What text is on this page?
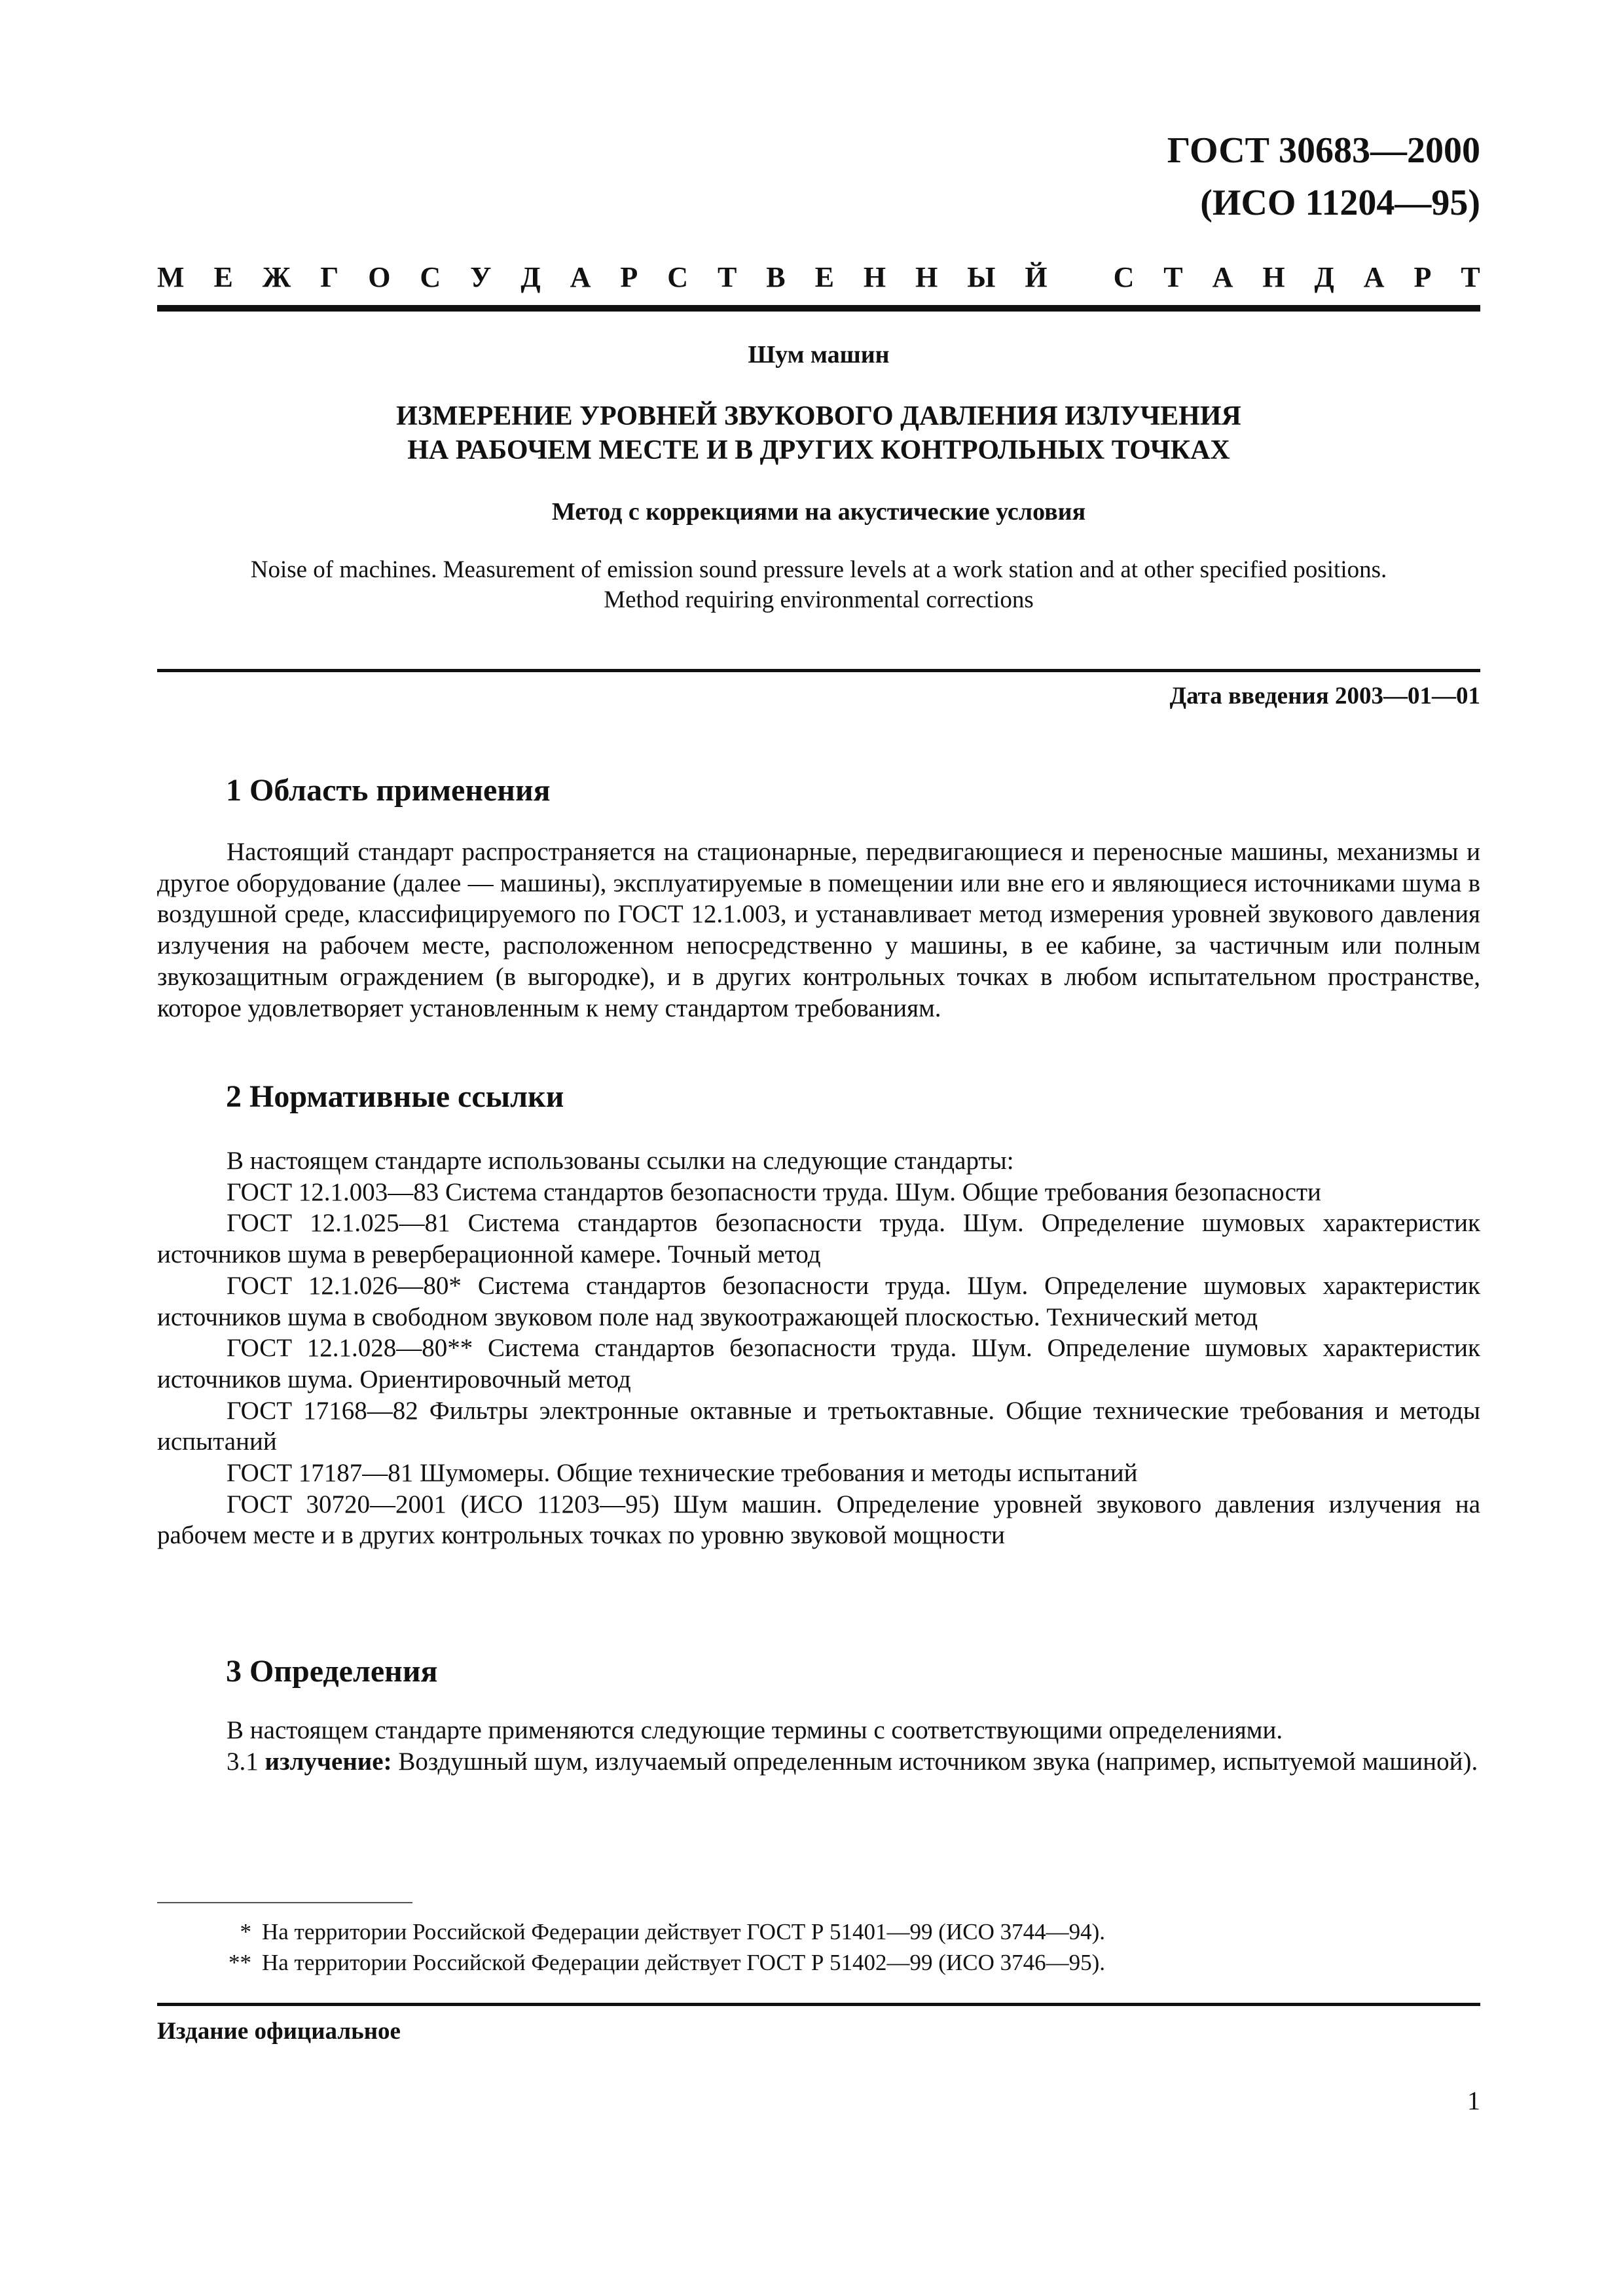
ГОСТ 30683—2000
(ИСО 11204—95)
М Е Ж Г О С У Д А Р С Т В Е Н Н Ы Й
С Т А Н Д А Р Т
Шум машин
ИЗМЕРЕНИЕ УРОВНЕЙ ЗВУКОВОГО ДАВЛЕНИЯ ИЗЛУЧЕНИЯ
НА РАБОЧЕМ МЕСТЕ И В ДРУГИХ КОНТРОЛЬНЫХ ТОЧКАХ
Метод с коррекциями на акустические условия
Noise of machines. Measurement of emission sound pressure levels at a work station and at other specified positions.
Method requiring environmental corrections
Дата введения 2003—01—01
1 Область применения

Настоящий стандарт распространяется на стационарные, передвигающиеся и переносные машины, механизмы и другое оборудование (далее — машины), эксплуатируемые в помещении или вне его и являющиеся источниками шума в воздушной среде, классифицируемого по ГОСТ 12.1.003, и устанавливает метод измерения уровней звукового давления излучения на рабочем месте, расположенном непосредственно у машины, в ее кабине, за частичным или полным звукозащитным ограждением (в выгородке), и в других контрольных точках в любом испытательном пространстве, которое удовлетворяет установленным к нему стандартом требованиям.

2 Нормативные ссылки

В настоящем стандарте использованы ссылки на следующие стандарты:

ГОСТ 12.1.003—83 Система стандартов безопасности труда. Шум. Общие требования безопасности

ГОСТ 12.1.025—81 Система стандартов безопасности труда. Шум. Определение шумовых характеристик источников шума в реверберационной камере. Точный метод

ГОСТ 12.1.026—80* Система стандартов безопасности труда. Шум. Определение шумовых характеристик источников шума в свободном звуковом поле над звукоотражающей плоскостью. Технический метод

ГОСТ 12.1.028—80** Система стандартов безопасности труда. Шум. Определение шумовых характеристик источников шума. Ориентировочный метод

ГОСТ 17168—82 Фильтры электронные октавные и третьоктавные. Общие технические требования и методы испытаний

ГОСТ 17187—81 Шумомеры. Общие технические требования и методы испытаний

ГОСТ 30720—2001 (ИСО 11203—95) Шум машин. Определение уровней звукового давления излучения на рабочем месте и в других контрольных точках по уровню звуковой мощности

3 Определения

В настоящем стандарте применяются следующие термины с соответствующими определениями.

3.1 излучение: Воздушный шум, излучаемый определенным источником звука (например, испытуемой машиной).

* На территории Российской Федерации действует ГОСТ Р 51401—99 (ИСО 3744—94).
** На территории Российской Федерации действует ГОСТ Р 51402—99 (ИСО 3746—95).
Издание официальное
1
